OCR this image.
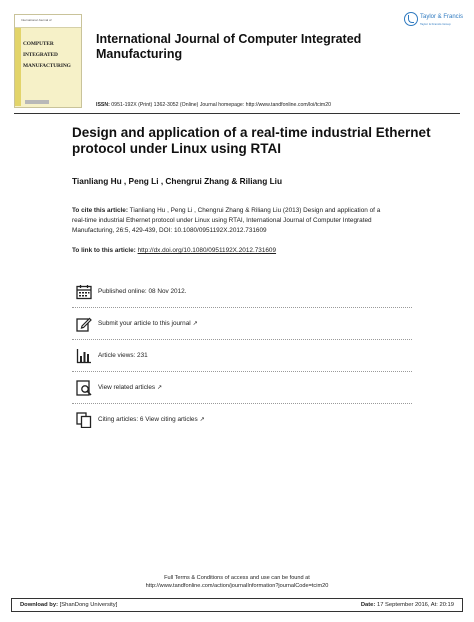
International Journal of
COMPUTER
INTEGRATED
MANUFACTURING
International Journal of Computer Integrated Manufacturing
Taylor & Francis
Taylor & Francis Group
ISSN: 0951-192X (Print) 1362-3052 (Online) Journal homepage: http://www.tandfonline.com/loi/tcim20
Design and application of a real-time industrial Ethernet protocol under Linux using RTAI
Tianliang Hu , Peng Li , Chengrui Zhang & Riliang Liu
To cite this article: Tianliang Hu , Peng Li , Chengrui Zhang & Riliang Liu (2013) Design and application of a real-time industrial Ethernet protocol under Linux using RTAI, International Journal of Computer Integrated Manufacturing, 26:5, 429-439, DOI: 10.1080/0951192X.2012.731609
To link to this article: http://dx.doi.org/10.1080/0951192X.2012.731609
Published online: 08 Nov 2012.
Submit your article to this journal ↗
Article views: 231
View related articles ↗
Citing articles: 6 View citing articles ↗
Full Terms & Conditions of access and use can be found at
http://www.tandfonline.com/action/journalInformation?journalCode=tcim20
Download by: [ShanDong University]	Date: 17 September 2016, At: 20:19
